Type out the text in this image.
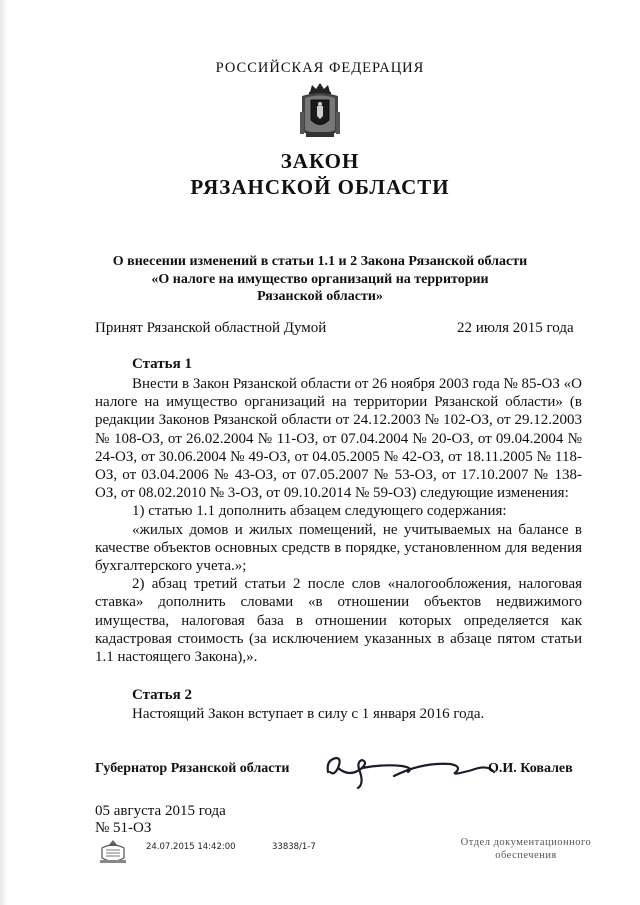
РОССИЙСКАЯ ФЕДЕРАЦИЯ
ЗАКОН
РЯЗАНСКОЙ ОБЛАСТИ
О внесении изменений в статьи 1.1 и 2 Закона Рязанской области
«О налоге на имущество организаций на территории
Рязанской области»
Принят Рязанской областной Думой	22 июля 2015 года
Статья 1

Внести в Закон Рязанской области от 26 ноября 2003 года № 85-ОЗ «О налоге на имущество организаций на территории Рязанской области» (в редакции Законов Рязанской области от 24.12.2003 № 102-ОЗ, от 29.12.2003 № 108-ОЗ, от 26.02.2004 № 11-ОЗ, от 07.04.2004 № 20-ОЗ, от 09.04.2004 № 24-ОЗ, от 30.06.2004 № 49-ОЗ, от 04.05.2005 № 42-ОЗ, от 18.11.2005 № 118-ОЗ, от 03.04.2006 № 43-ОЗ, от 07.05.2007 № 53-ОЗ, от 17.10.2007 № 138-ОЗ, от 08.02.2010 № 3-ОЗ, от 09.10.2014 № 59-ОЗ) следующие изменения:

1) статью 1.1 дополнить абзацем следующего содержания:

«жилых домов и жилых помещений, не учитываемых на балансе в качестве объектов основных средств в порядке, установленном для ведения бухгалтерского учета.»;

2) абзац третий статьи 2 после слов «налогообложения, налоговая ставка» дополнить словами «в отношении объектов недвижимого имущества, налоговая база в отношении которых определяется как кадастровая стоимость (за исключением указанных в абзаце пятом статьи 1.1 настоящего Закона),».

Статья 2
Настоящий Закон вступает в силу с 1 января 2016 года.
Губернатор Рязанской области	О.И. Ковалев
05 августа 2015 года
№ 51-ОЗ
24.07.2015 14:42:00	33838/1-7	Отдел документационного
обеспечения
